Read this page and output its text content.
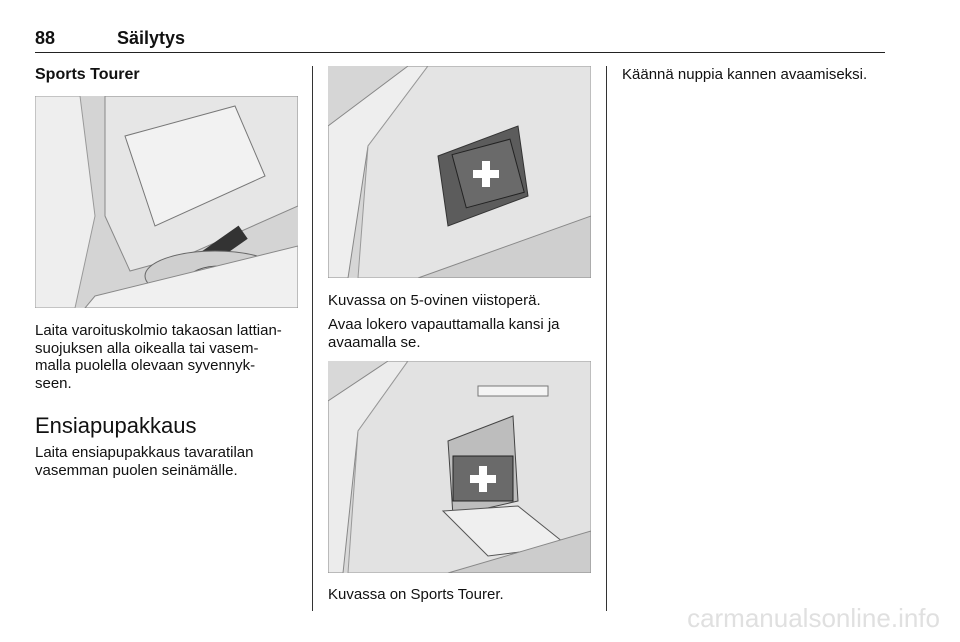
88	Säilytys
Sports Tourer
Laita varoituskolmio takaosan lattian-
suojuksen alla oikealla tai vasem-
malla puolella olevaan syvennyk-
seen.
Ensiapupakkaus
Laita ensiapupakkaus tavaratilan
vasemman puolen seinämälle.
Kuvassa on 5-ovinen viistoperä.
Avaa lokero vapauttamalla kansi ja
avaamalla se.
Kuvassa on Sports Tourer.
Käännä nuppia kannen avaamiseksi.
carmanualsonline.info
